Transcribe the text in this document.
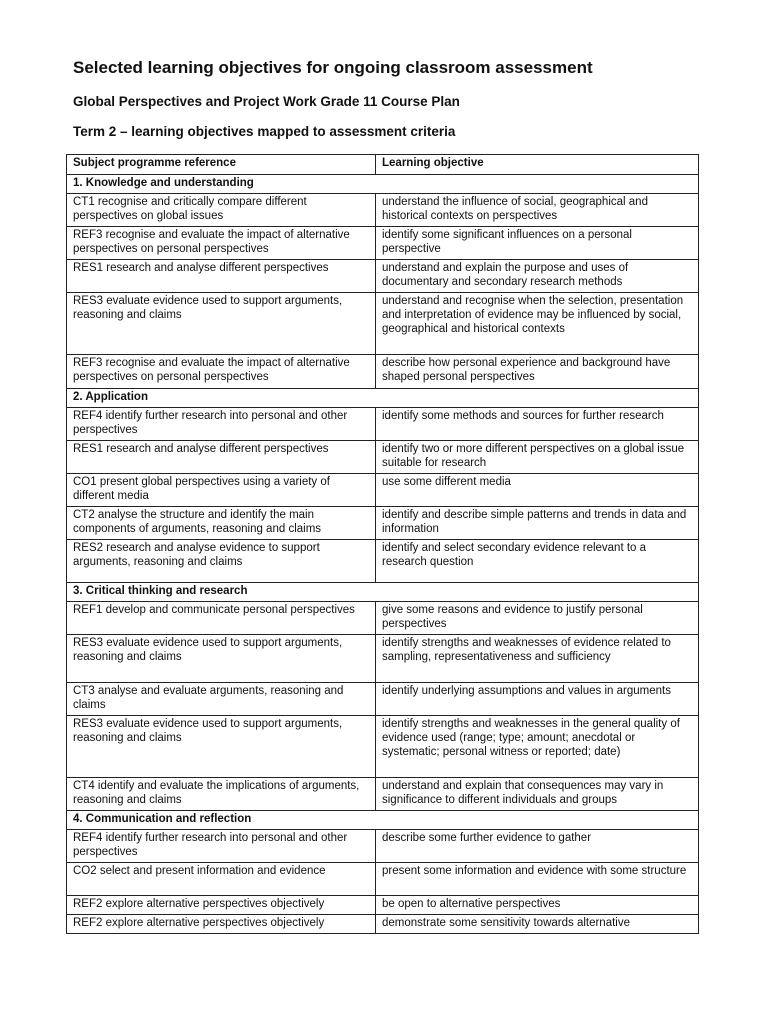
Selected learning objectives for ongoing classroom assessment
Global Perspectives and Project Work Grade 11 Course Plan
Term 2 – learning objectives mapped to assessment criteria
Subject programme reference	Learning objective
1. Knowledge and understanding	
CT1 recognise and critically compare different perspectives on global issues	understand the influence of social, geographical and historical contexts on perspectives
REF3 recognise and evaluate the impact of alternative perspectives on personal perspectives	identify some significant influences on a personal perspective
RES1 research and analyse different perspectives	understand and explain the purpose and uses of documentary and secondary research methods
RES3 evaluate evidence used to support arguments, reasoning and claims	understand and recognise when the selection, presentation and interpretation of evidence may be influenced by social, geographical and historical contexts
REF3 recognise and evaluate the impact of alternative perspectives on personal perspectives	describe how personal experience and background have shaped personal perspectives
2. Application	
REF4 identify further research into personal and other perspectives	identify some methods and sources for further research
RES1 research and analyse different perspectives	identify two or more different perspectives on a global issue suitable for research
CO1 present global perspectives using a variety of different media	use some different media
CT2 analyse the structure and identify the main components of arguments, reasoning and claims	identify and describe simple patterns and trends in data and information
RES2 research and analyse evidence to support arguments, reasoning and claims	identify and select secondary evidence relevant to a research question
3. Critical thinking and research	
REF1 develop and communicate personal perspectives	give some reasons and evidence to justify personal perspectives
RES3 evaluate evidence used to support arguments, reasoning and claims	identify strengths and weaknesses of evidence related to sampling, representativeness and sufficiency
CT3 analyse and evaluate arguments, reasoning and claims	identify underlying assumptions and values in arguments
RES3 evaluate evidence used to support arguments, reasoning and claims	identify strengths and weaknesses in the general quality of evidence used (range; type; amount; anecdotal or systematic; personal witness or reported; date)
CT4 identify and evaluate the implications of arguments, reasoning and claims	understand and explain that consequences may vary in significance to different individuals and groups
4. Communication and reflection	
REF4 identify further research into personal and other perspectives	describe some further evidence to gather
CO2 select and present information and evidence	present some information and evidence with some structure
REF2 explore alternative perspectives objectively	be open to alternative perspectives
REF2 explore alternative perspectives objectively	demonstrate some sensitivity towards alternative
